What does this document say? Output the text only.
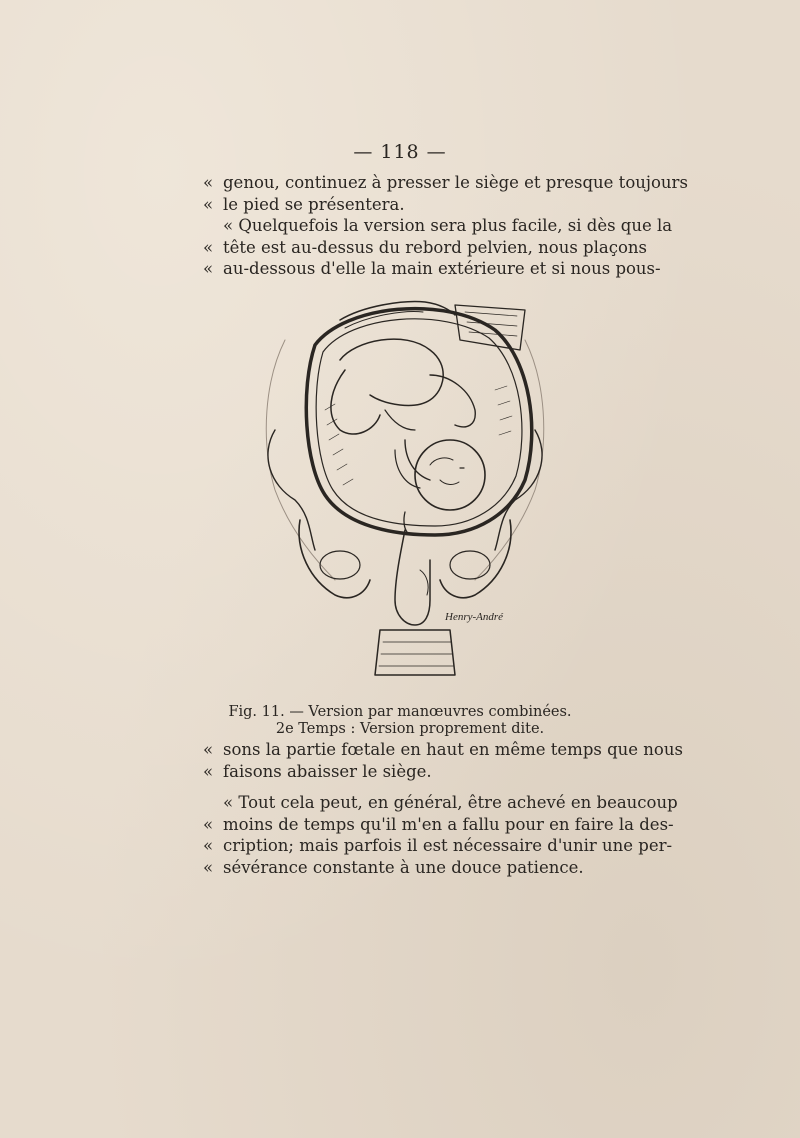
— 118 —
« genou, continuez à presser le siège et presque toujours
« le pied se présentera.
« Quelquefois la version sera plus facile, si dès que la
« tête est au-dessus du rebord pelvien, nous plaçons
« au-dessous d'elle la main extérieure et si nous pous-
Henry-André
Fig. 11. — Version par manœuvres combinées.
2e Temps : Version proprement dite.
« sons la partie fœtale en haut en même temps que nous
« faisons abaisser le siège.
« Tout cela peut, en général, être achevé en beaucoup
« moins de temps qu'il m'en a fallu pour en faire la des-
« cription; mais parfois il est nécessaire d'unir une per-
« sévérance constante à une douce patience.
